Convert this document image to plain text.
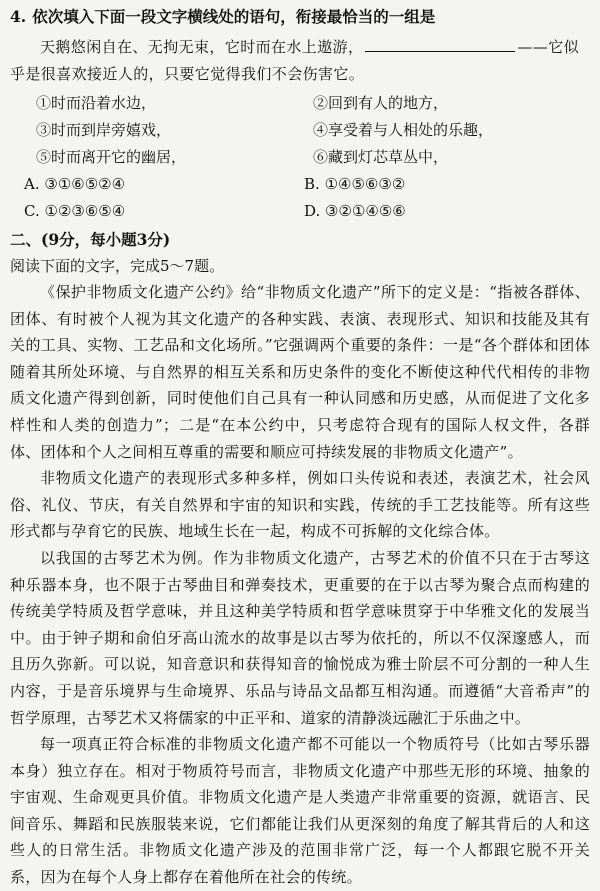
4. 依次填入下面一段文字横线处的语句，衔接最恰当的一组是
天鹅悠闲自在、无拘无束，它时而在水上遨游，	——它似乎是很喜欢接近人的，只要它觉得我们不会伤害它。
①时而沿着水边，	②回到有人的地方，
③时而到岸旁嬉戏，	④享受着与人相处的乐趣，
⑤时而离开它的幽居，	⑥藏到灯芯草丛中，
A. ③①⑥⑤②④	B. ①④⑤⑥③②
C. ①②③⑥⑤④	D. ③②①④⑤⑥
二、(9分，每小题3分)
阅读下面的文字，完成5～7题。
《保护非物质文化遗产公约》给“非物质文化遗产”所下的定义是：“指被各群体、团体、有时被个人视为其文化遗产的各种实践、表演、表现形式、知识和技能及其有关的工具、实物、工艺品和文化场所。”它强调两个重要的条件：一是“各个群体和团体随着其所处环境、与自然界的相互关系和历史条件的变化不断使这种代代相传的非物质文化遗产得到创新，同时使他们自己具有一种认同感和历史感，从而促进了文化多样性和人类的创造力”；二是“在本公约中，只考虑符合现有的国际人权文件，各群体、团体和个人之间相互尊重的需要和顺应可持续发展的非物质文化遗产”。
非物质文化遗产的表现形式多种多样，例如口头传说和表述，表演艺术，社会风俗、礼仪、节庆，有关自然界和宇宙的知识和实践，传统的手工艺技能等。所有这些形式都与孕育它的民族、地域生长在一起，构成不可拆解的文化综合体。
以我国的古琴艺术为例。作为非物质文化遗产，古琴艺术的价值不只在于古琴这种乐器本身，也不限于古琴曲目和弹奏技术，更重要的在于以古琴为聚合点而构建的传统美学特质及哲学意味，并且这种美学特质和哲学意味贯穿于中华雅文化的发展当中。由于钟子期和俞伯牙高山流水的故事是以古琴为依托的，所以不仅深邃感人，而且历久弥新。可以说，知音意识和获得知音的愉悦成为雅士阶层不可分割的一种人生内容，于是音乐境界与生命境界、乐品与诗品文品都互相沟通。而遵循“大音希声”的哲学原理，古琴艺术又将儒家的中正平和、道家的清静淡远融汇于乐曲之中。
每一项真正符合标准的非物质文化遗产都不可能以一个物质符号（比如古琴乐器本身）独立存在。相对于物质符号而言，非物质文化遗产中那些无形的环境、抽象的宇宙观、生命观更具价值。非物质文化遗产是人类遗产非常重要的资源，就语言、民间音乐、舞蹈和民族服装来说，它们都能让我们从更深刻的角度了解其背后的人和这些人的日常生活。非物质文化遗产涉及的范围非常广泛，每一个人都跟它脱不开关系，因为在每个人身上都存在着他所在社会的传统。
